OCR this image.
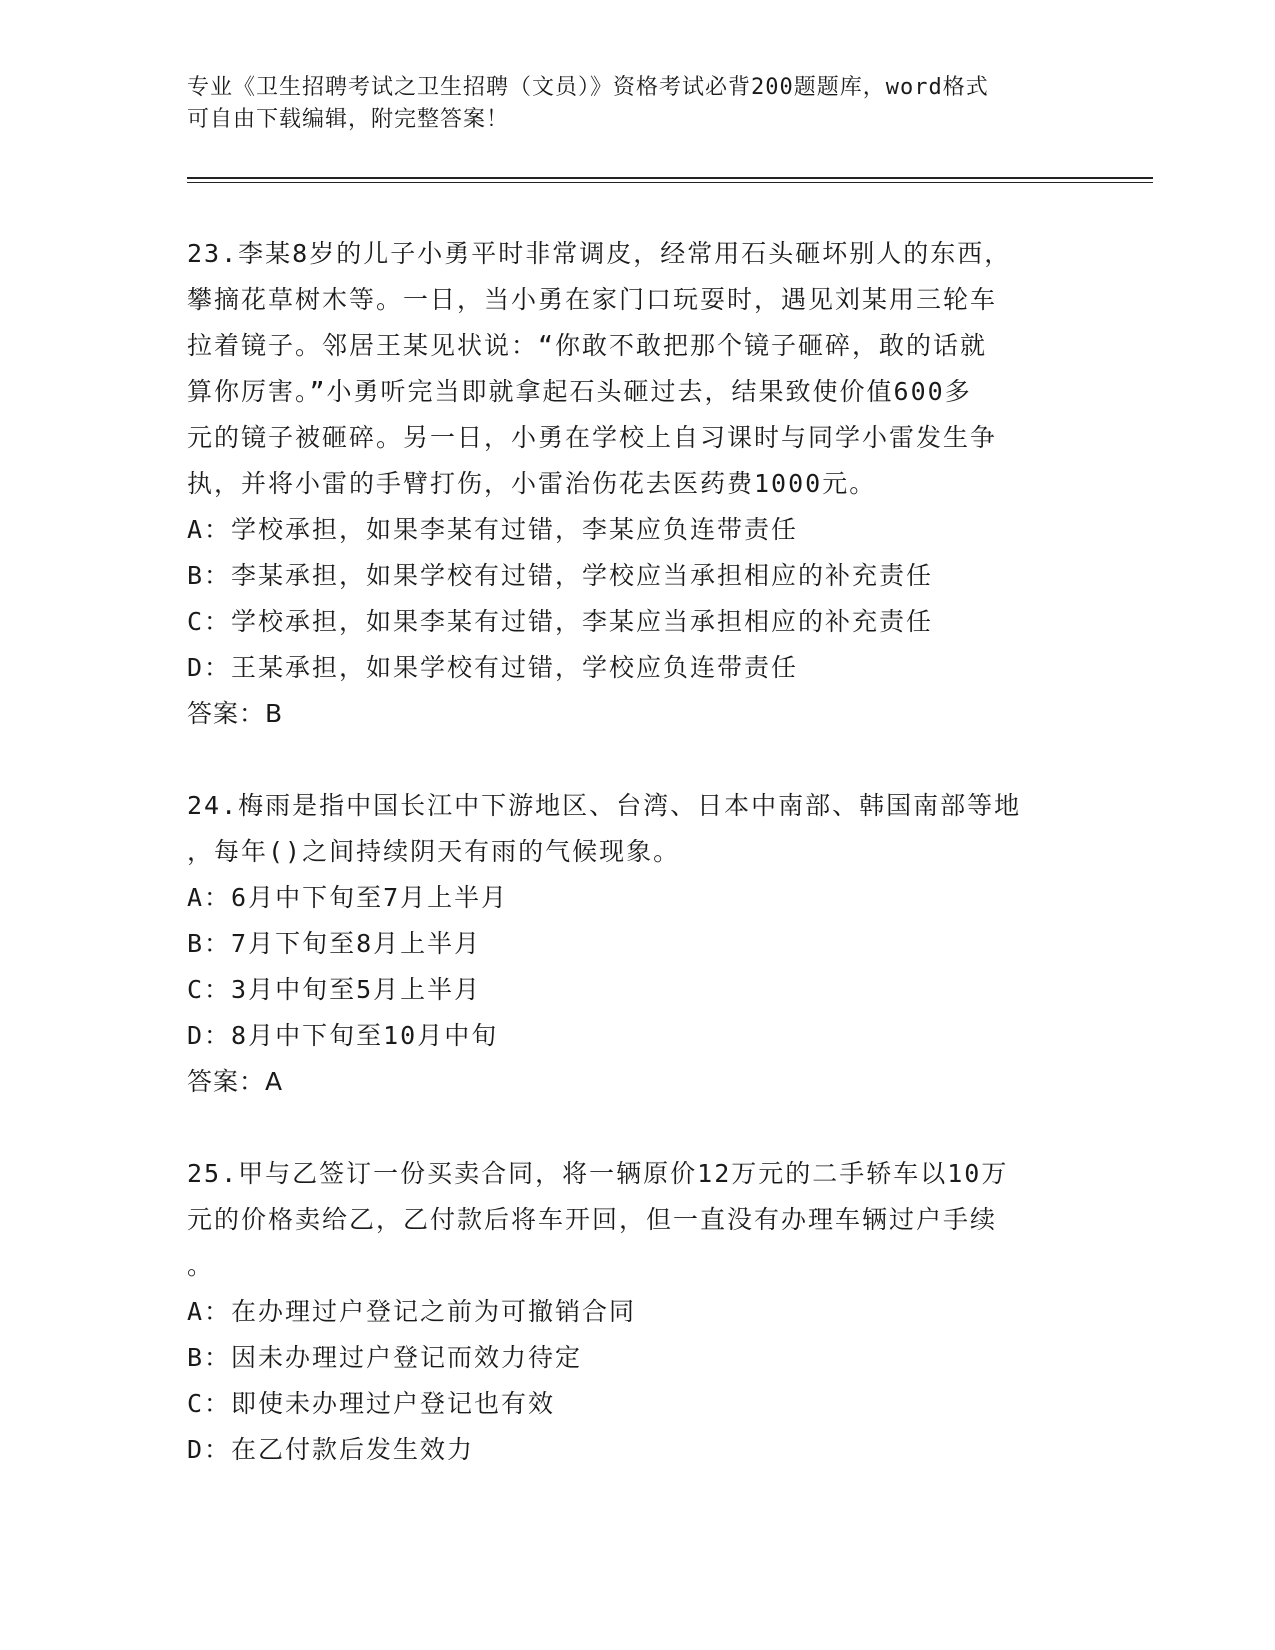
专业《卫生招聘考试之卫生招聘（文员）》资格考试必背200题题库，word格式
可自由下载编辑，附完整答案！
23.李某8岁的儿子小勇平时非常调皮，经常用石头砸坏别人的东西，
攀摘花草树木等。一日，当小勇在家门口玩耍时，遇见刘某用三轮车
拉着镜子。邻居王某见状说：“你敢不敢把那个镜子砸碎，敢的话就
算你厉害。”小勇听完当即就拿起石头砸过去，结果致使价值600多
元的镜子被砸碎。另一日，小勇在学校上自习课时与同学小雷发生争
执，并将小雷的手臂打伤，小雷治伤花去医药费1000元。
A：学校承担，如果李某有过错，李某应负连带责任
B：李某承担，如果学校有过错，学校应当承担相应的补充责任
C：学校承担，如果李某有过错，李某应当承担相应的补充责任
D：王某承担，如果学校有过错，学校应负连带责任
答案：B
24.梅雨是指中国长江中下游地区、台湾、日本中南部、韩国南部等地
，每年()之间持续阴天有雨的气候现象。
A：6月中下旬至7月上半月
B：7月下旬至8月上半月
C：3月中旬至5月上半月
D：8月中下旬至10月中旬
答案：A
25.甲与乙签订一份买卖合同，将一辆原价12万元的二手轿车以10万
元的价格卖给乙，乙付款后将车开回，但一直没有办理车辆过户手续
。
A：在办理过户登记之前为可撤销合同
B：因未办理过户登记而效力待定
C：即使未办理过户登记也有效
D：在乙付款后发生效力
